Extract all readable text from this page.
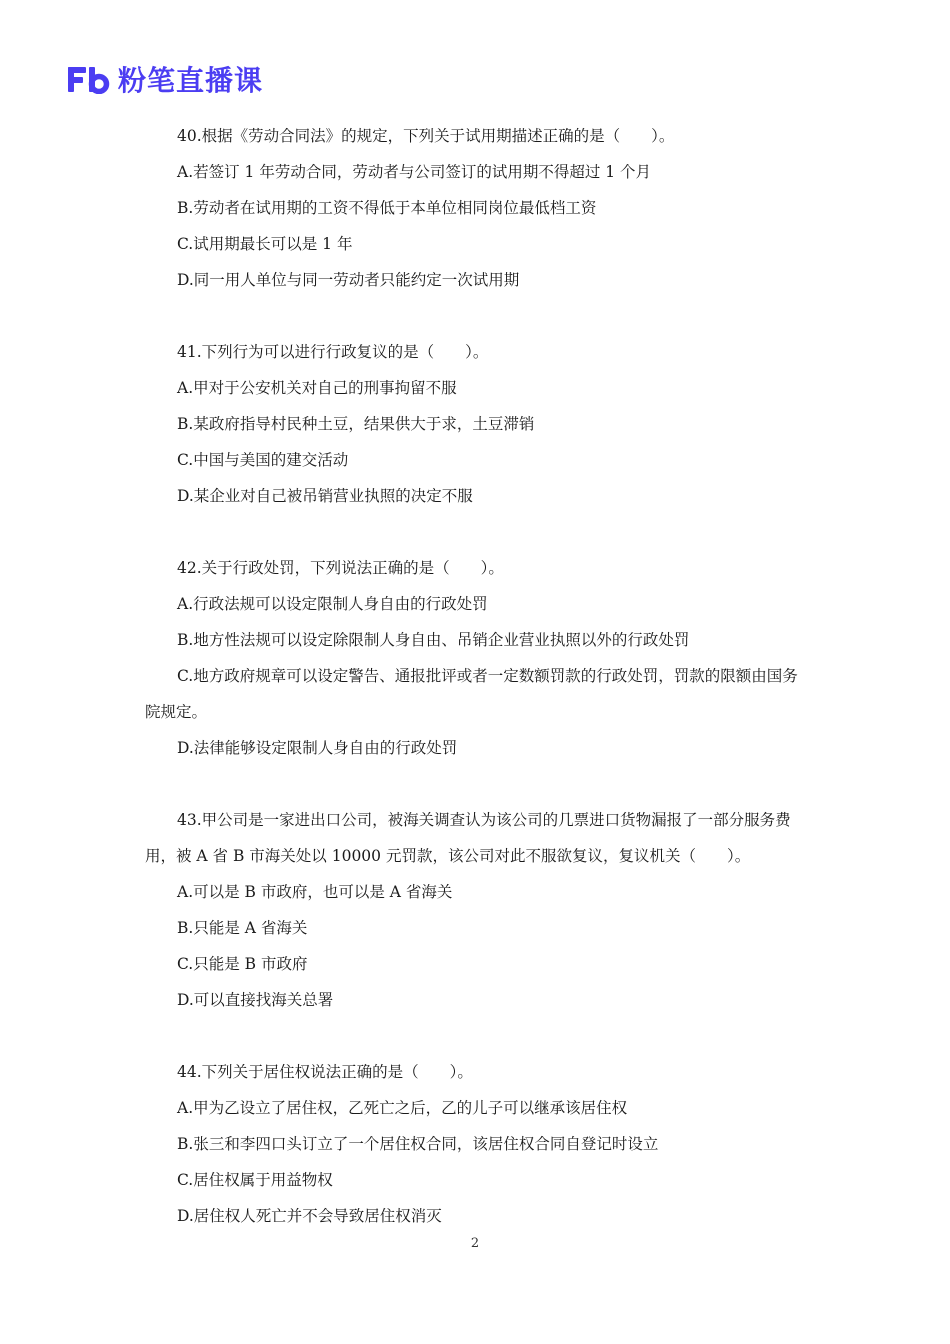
粉笔直播课

40.根据《劳动合同法》的规定，下列关于试用期描述正确的是（　　）。

A.若签订 1 年劳动合同，劳动者与公司签订的试用期不得超过 1 个月

B.劳动者在试用期的工资不得低于本单位相同岗位最低档工资

C.试用期最长可以是 1 年

D.同一用人单位与同一劳动者只能约定一次试用期

41.下列行为可以进行行政复议的是（　　）。

A.甲对于公安机关对自己的刑事拘留不服

B.某政府指导村民种土豆，结果供大于求，土豆滞销

C.中国与美国的建交活动

D.某企业对自己被吊销营业执照的决定不服

42.关于行政处罚，下列说法正确的是（　　）。

A.行政法规可以设定限制人身自由的行政处罚

B.地方性法规可以设定除限制人身自由、吊销企业营业执照以外的行政处罚

C.地方政府规章可以设定警告、通报批评或者一定数额罚款的行政处罚，罚款的限额由国务院规定。

D.法律能够设定限制人身自由的行政处罚

43.甲公司是一家进出口公司，被海关调查认为该公司的几票进口货物漏报了一部分服务费用，被 A 省 B 市海关处以 10000 元罚款，该公司对此不服欲复议，复议机关（　　）。

A.可以是 B 市政府，也可以是 A 省海关

B.只能是 A 省海关

C.只能是 B 市政府

D.可以直接找海关总署

44.下列关于居住权说法正确的是（　　）。

A.甲为乙设立了居住权，乙死亡之后，乙的儿子可以继承该居住权

B.张三和李四口头订立了一个居住权合同，该居住权合同自登记时设立

C.居住权属于用益物权

D.居住权人死亡并不会导致居住权消灭

2
